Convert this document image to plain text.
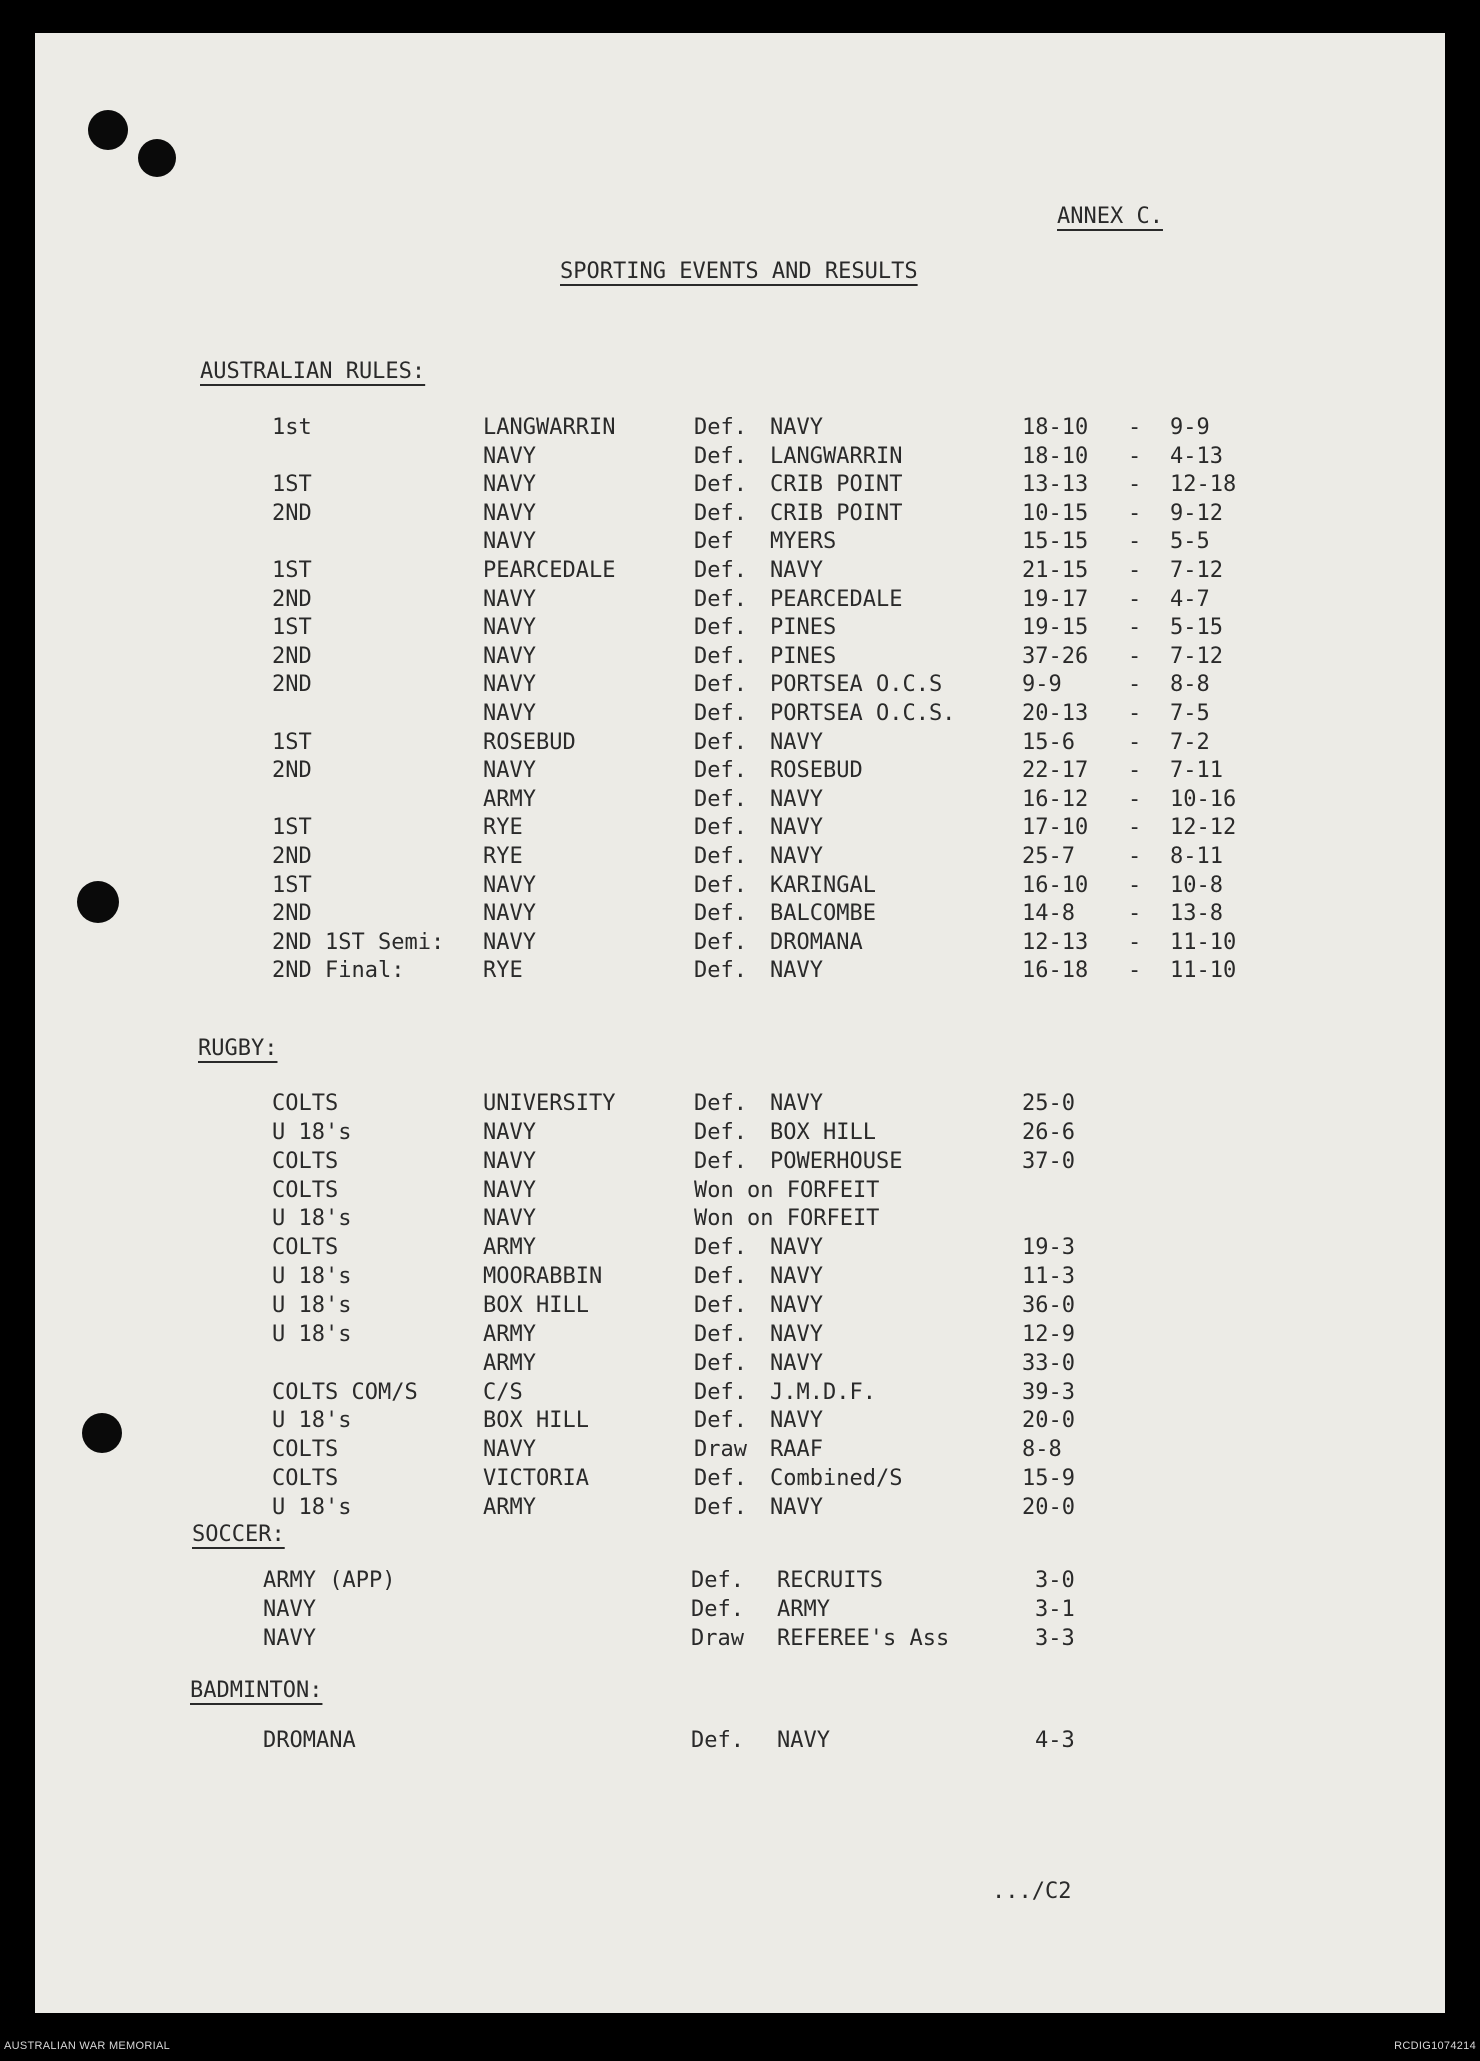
ANNEX C.
SPORTING EVENTS AND RESULTS
AUSTRALIAN RULES:
1st	LANGWARRIN	Def. NAVY	18-10 - 9-9
NAVY	Def. LANGWARRIN	18-10 - 4-13
1ST	NAVY	Def. CRIB POINT	13-13 - 12-18
2ND	NAVY	Def. CRIB POINT	10-15 - 9-12
NAVY	Def MYERS	15-15 - 5-5
1ST	PEARCEDALE	Def. NAVY	21-15 - 7-12
2ND	NAVY	Def. PEARCEDALE	19-17 - 4-7
1ST	NAVY	Def. PINES	19-15 - 5-15
2ND	NAVY	Def. PINES	37-26 - 7-12
2ND	NAVY	Def. PORTSEA O.C.S	9-9	- 8-8
NAVY	Def. PORTSEA O.C.S.	20-13 - 7-5
1ST	ROSEBUD	Def. NAVY	15-6 - 7-2
2ND	NAVY	Def. ROSEBUD	22-17 - 7-11
ARMY	Def. NAVY	16-12 - 10-16
1ST	RYE	Def. NAVY	17-10 - 12-12
2ND	RYE	Def. NAVY	25-7 - 8-11
1ST	NAVY	Def. KARINGAL	16-10 - 10-8
2ND	NAVY	Def. BALCOMBE	14-8 - 13-8
2ND 1ST Semi: NAVY	Def. DROMANA	12-13 - 11-10
2ND Final:	RYE	Def. NAVY	16-18 - 11-10
RUGBY:
COLTS	UNIVERSITY	Def. NAVY	25-0
U 18's	NAVY	Def. BOX HILL	26-6
COLTS	NAVY	Def. POWERHOUSE	37-0
COLTS	NAVY	Won on FORFEIT
U 18's	NAVY	Won on FORFEIT
COLTS	ARMY	Def. NAVY	19-3
U 18's	MOORABBIN	Def. NAVY	11-3
U 18's	BOX HILL	Def. NAVY	36-0
U 18's	ARMY	Def. NAVY	12-9
ARMY	Def. NAVY	33-0
COLTS COM/S	C/S	Def. J.M.D.F.	39-3
U 18's	BOX HILL	Def. NAVY	20-0
COLTS	NAVY	Draw RAAF	8-8
COLTS	VICTORIA	Def. Combined/S	15-9
U 18's	ARMY	Def. NAVY	20-0
SOCCER:
ARMY (APP)	Def. RECRUITS	3-0
NAVY	Def. ARMY	3-1
NAVY	Draw REFEREE's Ass	3-3
BADMINTON:
DROMANA	Def. NAVY	4-3
.../C2
AUSTRALIAN WAR MEMORIAL	RCDIG1074214
